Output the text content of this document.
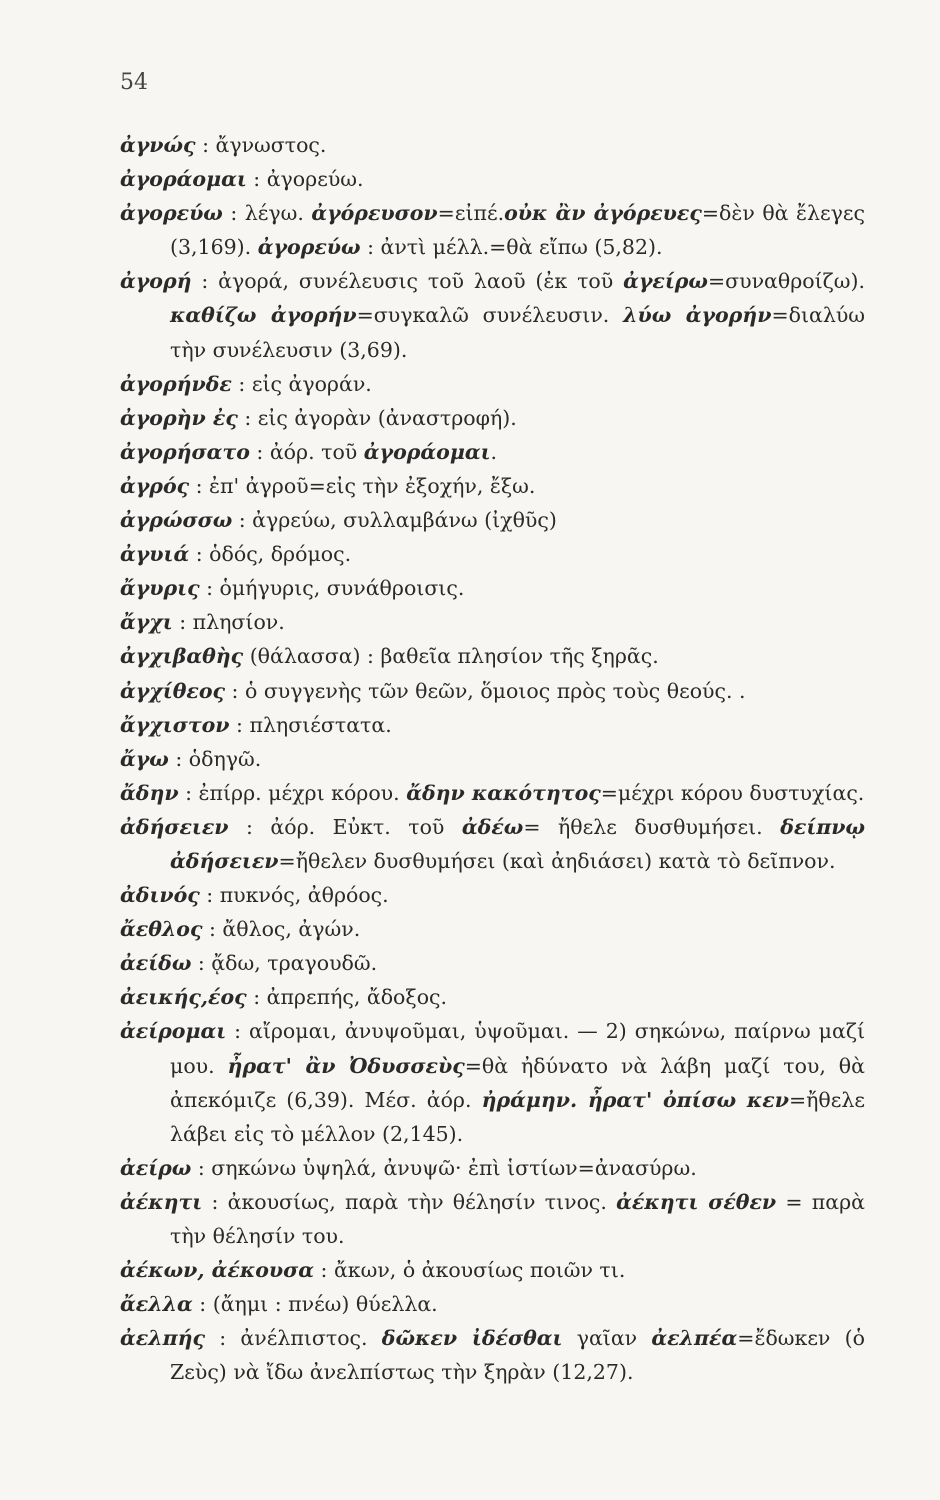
54
ἀγνώς : ἄγνωστος.
ἀγοράομαι : ἀγορεύω.
ἀγορεύω : λέγω. ἀγόρευσον=εἰπέ.οὐκ ἂν ἀγόρευες=δὲν θὰ ἔλεγες (3,169). ἀγορεύω : ἀντὶ μέλλ.=θὰ εἴπω (5,82).
ἀγορή : ἀγορά, συνέλευσις τοῦ λαοῦ (ἐκ τοῦ ἀγείρω=συναθροίζω). καθίζω ἀγορήν=συγκαλῶ συνέλευσιν. λύω ἀγορήν=διαλύω τὴν συνέλευσιν (3,69).
ἀγορήνδε : εἰς ἀγοράν.
ἀγορὴν ἐς : εἰς ἀγορὰν (ἀναστροφή).
ἀγορήσατο : ἀόρ. τοῦ ἀγοράομαι.
ἀγρός : ἐπ' ἀγροῦ=εἰς τὴν ἐξοχήν, ἔξω.
ἀγρώσσω : ἀγρεύω, συλλαμβάνω (ἰχθῦς)
ἀγυιά : ὁδός, δρόμος.
ἄγυρις : ὁμήγυρις, συνάθροισις.
ἄγχι : πλησίον.
ἀγχιβαθὴς (θάλασσα) : βαθεῖα πλησίον τῆς ξηρᾶς.
ἀγχίθεος : ὁ συγγενὴς τῶν θεῶν, ὅμοιος πρὸς τοὺς θεούς. .
ἄγχιστον : πλησιέστατα.
ἄγω : ὁδηγῶ.
ἄδην : ἐπίρρ. μέχρι κόρου. ἄδην κακότητος=μέχρι κόρου δυστυχίας.
ἀδήσειεν : ἀόρ. Εὐκτ. τοῦ ἀδέω= ἤθελε δυσθυμήσει. δείπνῳ ἀδήσειεν=ἤθελεν δυσθυμήσει (καὶ ἀηδιάσει) κατὰ τὸ δεῖπνον.
ἀδινός : πυκνός, ἀθρόος.
ἄεθλος : ἄθλος, ἀγών.
ἀείδω : ᾄδω, τραγουδῶ.
ἀεικής,έος : ἀπρεπής, ἄδοξος.
ἀείρομαι : αἴρομαι, ἀνυψοῦμαι, ὑψοῦμαι. — 2) σηκώνω, παίρνω μαζί μου. ἦρατ' ἂν Ὀδυσσεὺς=θὰ ἠδύνατο νὰ λάβη μαζί του, θὰ ἀπεκόμιζε (6,39). Μέσ. ἀόρ. ἠράμην. ἦρατ' ὀπίσω κεν=ἤθελε λάβει εἰς τὸ μέλλον (2,145).
ἀείρω : σηκώνω ὑψηλά, ἀνυψῶ· ἐπὶ ἱστίων=ἀνασύρω.
ἀέκητι : ἀκουσίως, παρὰ τὴν θέλησίν τινος. ἀέκητι σέθεν = παρὰ τὴν θέλησίν του.
ἀέκων, ἀέκουσα : ἄκων, ὁ ἀκουσίως ποιῶν τι.
ἄελλα : (ἄημι : πνέω) θύελλα.
ἀελπής : ἀνέλπιστος. δῶκεν ἰδέσθαι γαῖαν ἀελπέα=ἔδωκεν (ὁ Ζεὺς) νὰ ἴδω ἀνελπίστως τὴν ξηρὰν (12,27).
